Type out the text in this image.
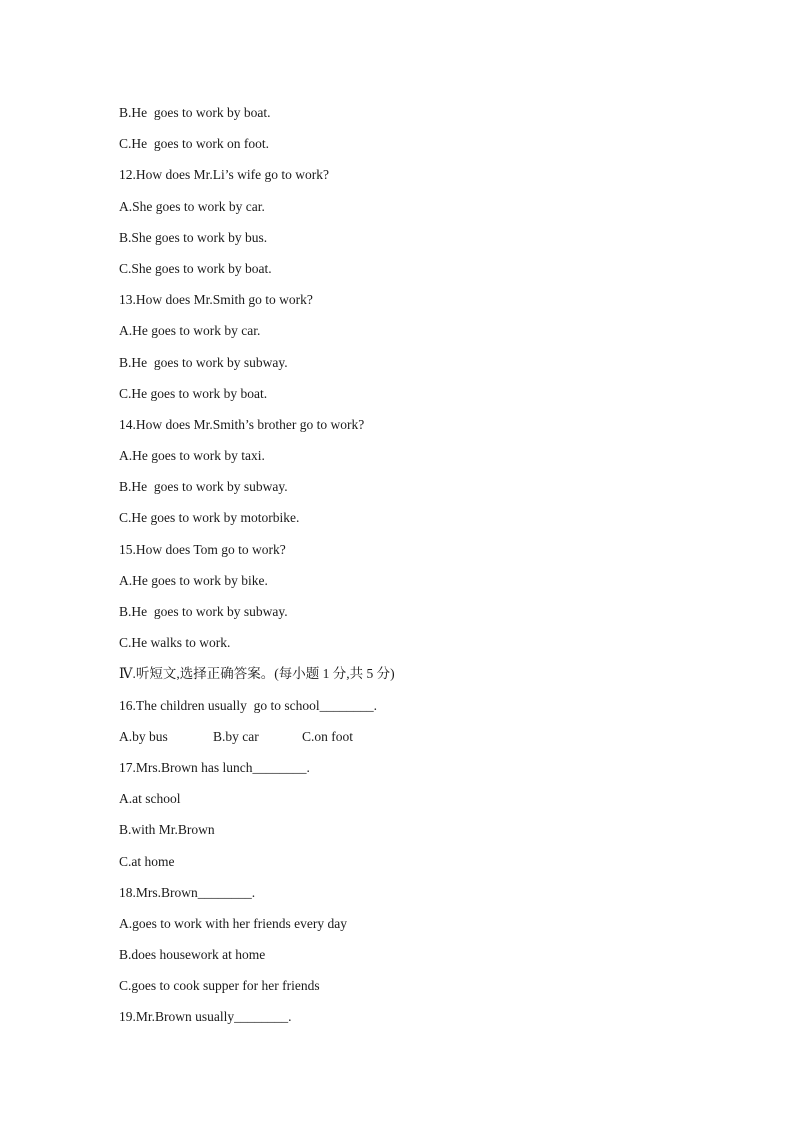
B.He  goes to work by boat.
C.He  goes to work on foot.
12.How does Mr.Li’s wife go to work?
A.She goes to work by car.
B.She goes to work by bus.
C.She goes to work by boat.
13.How does Mr.Smith go to work?
A.He goes to work by car.
B.He  goes to work by subway.
C.He goes to work by boat.
14.How does Mr.Smith’s brother go to work?
A.He goes to work by taxi.
B.He  goes to work by subway.
C.He goes to work by motorbike.
15.How does Tom go to work?
A.He goes to work by bike.
B.He  goes to work by subway.
C.He walks to work.
Ⅳ.听短文,选择正确答案。(每小题 1 分,共 5 分)
16.The children usually  go to school________.
A.by bus	B.by car	C.on foot
17.Mrs.Brown has lunch________.
A.at school
B.with Mr.Brown
C.at home
18.Mrs.Brown________.
A.goes to work with her friends every day
B.does housework at home
C.goes to cook supper for her friends
19.Mr.Brown usually________.
